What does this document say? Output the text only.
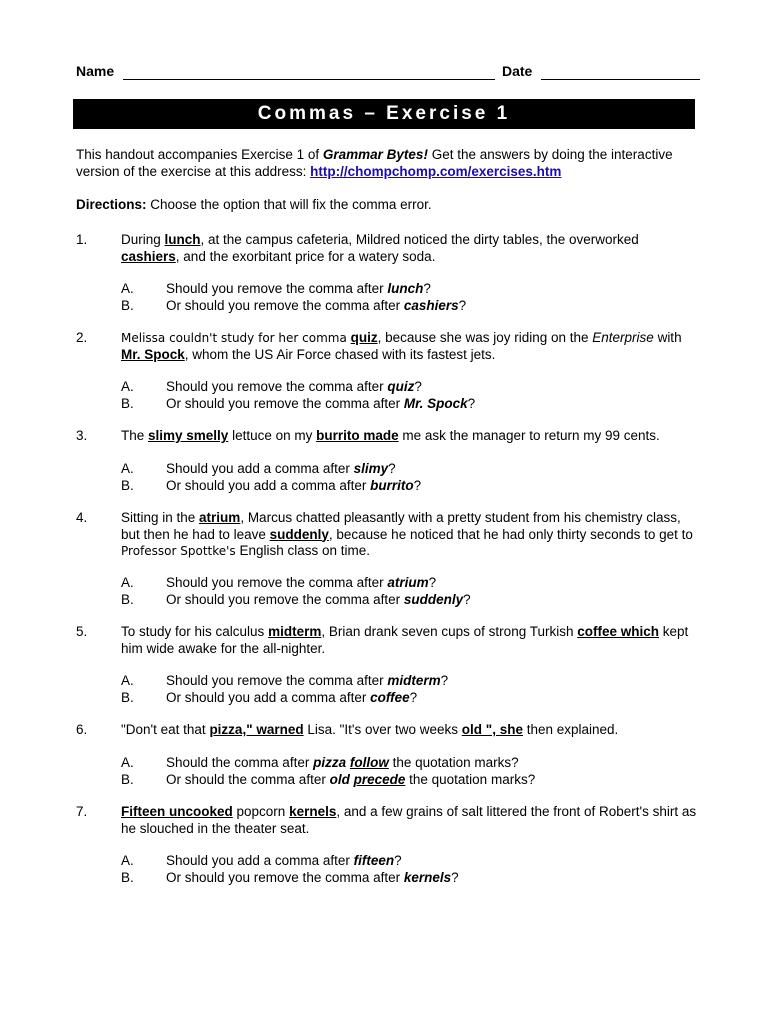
Name	Date
Commas – Exercise 1
This handout accompanies Exercise 1 of Grammar Bytes! Get the answers by doing the interactive version of the exercise at this address: http://chompchomp.com/exercises.htm
Directions: Choose the option that will fix the comma error.
1. During lunch, at the campus cafeteria, Mildred noticed the dirty tables, the overworked cashiers, and the exorbitant price for a watery soda.
A. Should you remove the comma after lunch?
B. Or should you remove the comma after cashiers?
2.	Melissa couldn't study for her comma quiz, because she was joy riding on the Enterprise with Mr. Spock, whom the US Air Force chased with its fastest jets.
A. Should you remove the comma after quiz?
B. Or should you remove the comma after Mr. Spock?
3. The slimy smelly lettuce on my burrito made me ask the manager to return my 99 cents.
A. Should you add a comma after slimy?
B. Or should you add a comma after burrito?
4. Sitting in the atrium, Marcus chatted pleasantly with a pretty student from his chemistry class, but then he had to leave suddenly, because he noticed that he had only thirty seconds to get to Professor Spottke's English class on time.
A. Should you remove the comma after atrium?
B. Or should you remove the comma after suddenly?
5. To study for his calculus midterm, Brian drank seven cups of strong Turkish coffee which kept him wide awake for the all-nighter.
A. Should you remove the comma after midterm?
B. Or should you add a comma after coffee?
6. "Don't eat that pizza," warned Lisa. "It's over two weeks old ", she then explained.
A. Should the comma after pizza follow the quotation marks?
B. Or should the comma after old precede the quotation marks?
7. Fifteen uncooked popcorn kernels, and a few grains of salt littered the front of Robert's shirt as he slouched in the theater seat.
A. Should you add a comma after fifteen?
B. Or should you remove the comma after kernels?
